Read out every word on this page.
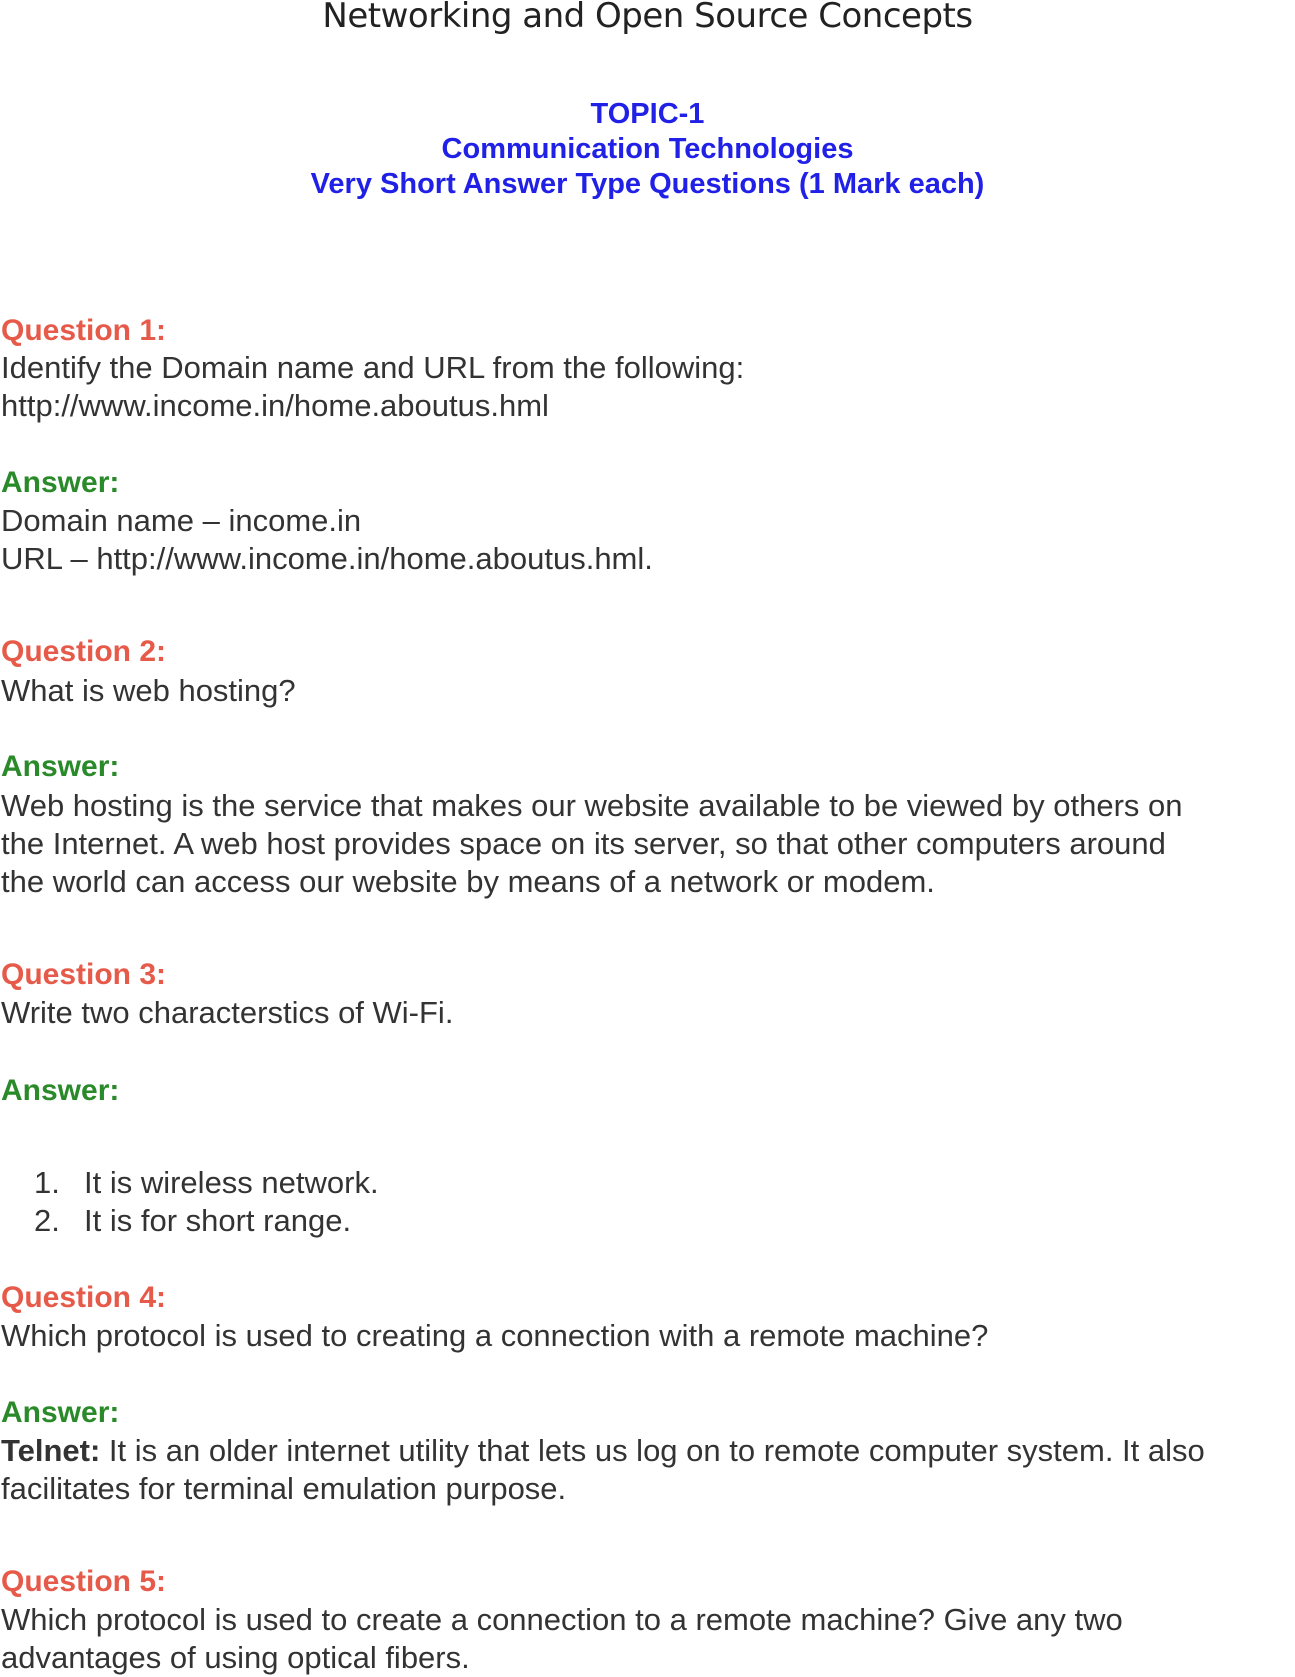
Networking and Open Source Concepts
TOPIC-1
Communication Technologies
Very Short Answer Type Questions (1 Mark each)
Question 1:
Identify the Domain name and URL from the following:
http://www.income.in/home.aboutus.hml
Answer:
Domain name – income.in
URL – http://www.income.in/home.aboutus.hml.
Question 2:
What is web hosting?
Answer:
Web hosting is the service that makes our website available to be viewed by others on
the Internet. A web host provides space on its server, so that other computers around
the world can access our website by means of a network or modem.
Question 3:
Write two characterstics of Wi-Fi.
Answer:
1. It is wireless network.
2. It is for short range.
Question 4:
Which protocol is used to creating a connection with a remote machine?
Answer:
Telnet: It is an older internet utility that lets us log on to remote computer system. It also
facilitates for terminal emulation purpose.
Question 5:
Which protocol is used to create a connection to a remote machine? Give any two
advantages of using optical fibers.
